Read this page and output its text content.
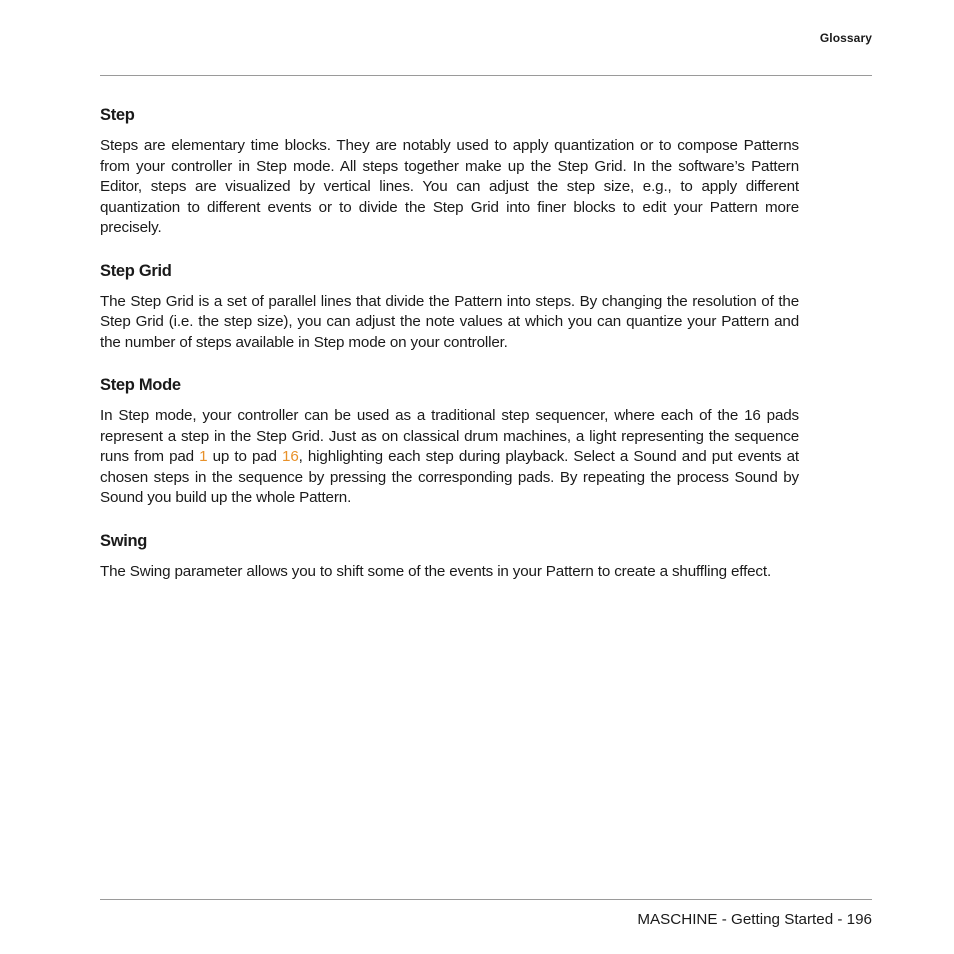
Glossary
Step

Steps are elementary time blocks. They are notably used to apply quantization or to compose Patterns from your controller in Step mode. All steps together make up the Step Grid. In the software’s Pattern Editor, steps are visualized by vertical lines. You can adjust the step size, e.g., to apply different quantization to different events or to divide the Step Grid into finer blocks to edit your Pattern more precisely.

Step Grid

The Step Grid is a set of parallel lines that divide the Pattern into steps. By changing the resolution of the Step Grid (i.e. the step size), you can adjust the note values at which you can quantize your Pattern and the number of steps available in Step mode on your controller.

Step Mode

In Step mode, your controller can be used as a traditional step sequencer, where each of the 16 pads represent a step in the Step Grid. Just as on classical drum machines, a light representing the sequence runs from pad 1 up to pad 16, highlighting each step during playback. Select a Sound and put events at chosen steps in the sequence by pressing the corresponding pads. By repeating the process Sound by Sound you build up the whole Pattern.

Swing

The Swing parameter allows you to shift some of the events in your Pattern to create a shuffling effect.

MASCHINE - Getting Started - 196
